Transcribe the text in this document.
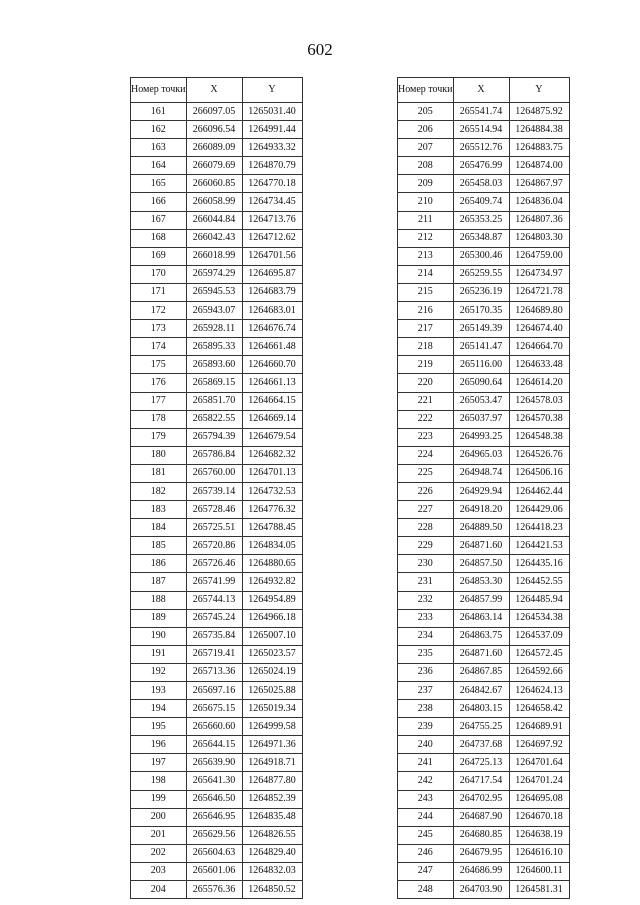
602
Номер точки	X	Y
161	266097.05	1265031.40
162	266096.54	1264991.44
163	266089.09	1264933.32
164	266079.69	1264870.79
165	266060.85	1264770.18
166	266058.99	1264734.45
167	266044.84	1264713.76
168	266042.43	1264712.62
169	266018.99	1264701.56
170	265974.29	1264695.87
171	265945.53	1264683.79
172	265943.07	1264683.01
173	265928.11	1264676.74
174	265895.33	1264661.48
175	265893.60	1264660.70
176	265869.15	1264661.13
177	265851.70	1264664.15
178	265822.55	1264669.14
179	265794.39	1264679.54
180	265786.84	1264682.32
181	265760.00	1264701.13
182	265739.14	1264732.53
183	265728.46	1264776.32
184	265725.51	1264788.45
185	265720.86	1264834.05
186	265726.46	1264880.65
187	265741.99	1264932.82
188	265744.13	1264954.89
189	265745.24	1264966.18
190	265735.84	1265007.10
191	265719.41	1265023.57
192	265713.36	1265024.19
193	265697.16	1265025.88
194	265675.15	1265019.34
195	265660.60	1264999.58
196	265644.15	1264971.36
197	265639.90	1264918.71
198	265641.30	1264877.80
199	265646.50	1264852.39
200	265646.95	1264835.48
201	265629.56	1264826.55
202	265604.63	1264829.40
203	265601.06	1264832.03
204	265576.36	1264850.52
Номер точки	X	Y
205	265541.74	1264875.92
206	265514.94	1264884.38
207	265512.76	1264883.75
208	265476.99	1264874.00
209	265458.03	1264867.97
210	265409.74	1264836.04
211	265353.25	1264807.36
212	265348.87	1264803.30
213	265300.46	1264759.00
214	265259.55	1264734.97
215	265236.19	1264721.78
216	265170.35	1264689.80
217	265149.39	1264674.40
218	265141.47	1264664.70
219	265116.00	1264633.48
220	265090.64	1264614.20
221	265053.47	1264578.03
222	265037.97	1264570.38
223	264993.25	1264548.38
224	264965.03	1264526.76
225	264948.74	1264506.16
226	264929.94	1264462.44
227	264918.20	1264429.06
228	264889.50	1264418.23
229	264871.60	1264421.53
230	264857.50	1264435.16
231	264853.30	1264452.55
232	264857.99	1264485.94
233	264863.14	1264534.38
234	264863.75	1264537.09
235	264871.60	1264572.45
236	264867.85	1264592.66
237	264842.67	1264624.13
238	264803.15	1264658.42
239	264755.25	1264689.91
240	264737.68	1264697.92
241	264725.13	1264701.64
242	264717.54	1264701.24
243	264702.95	1264695.08
244	264687.90	1264670.18
245	264680.85	1264638.19
246	264679.95	1264616.10
247	264686.99	1264600.11
248	264703.90	1264581.31
